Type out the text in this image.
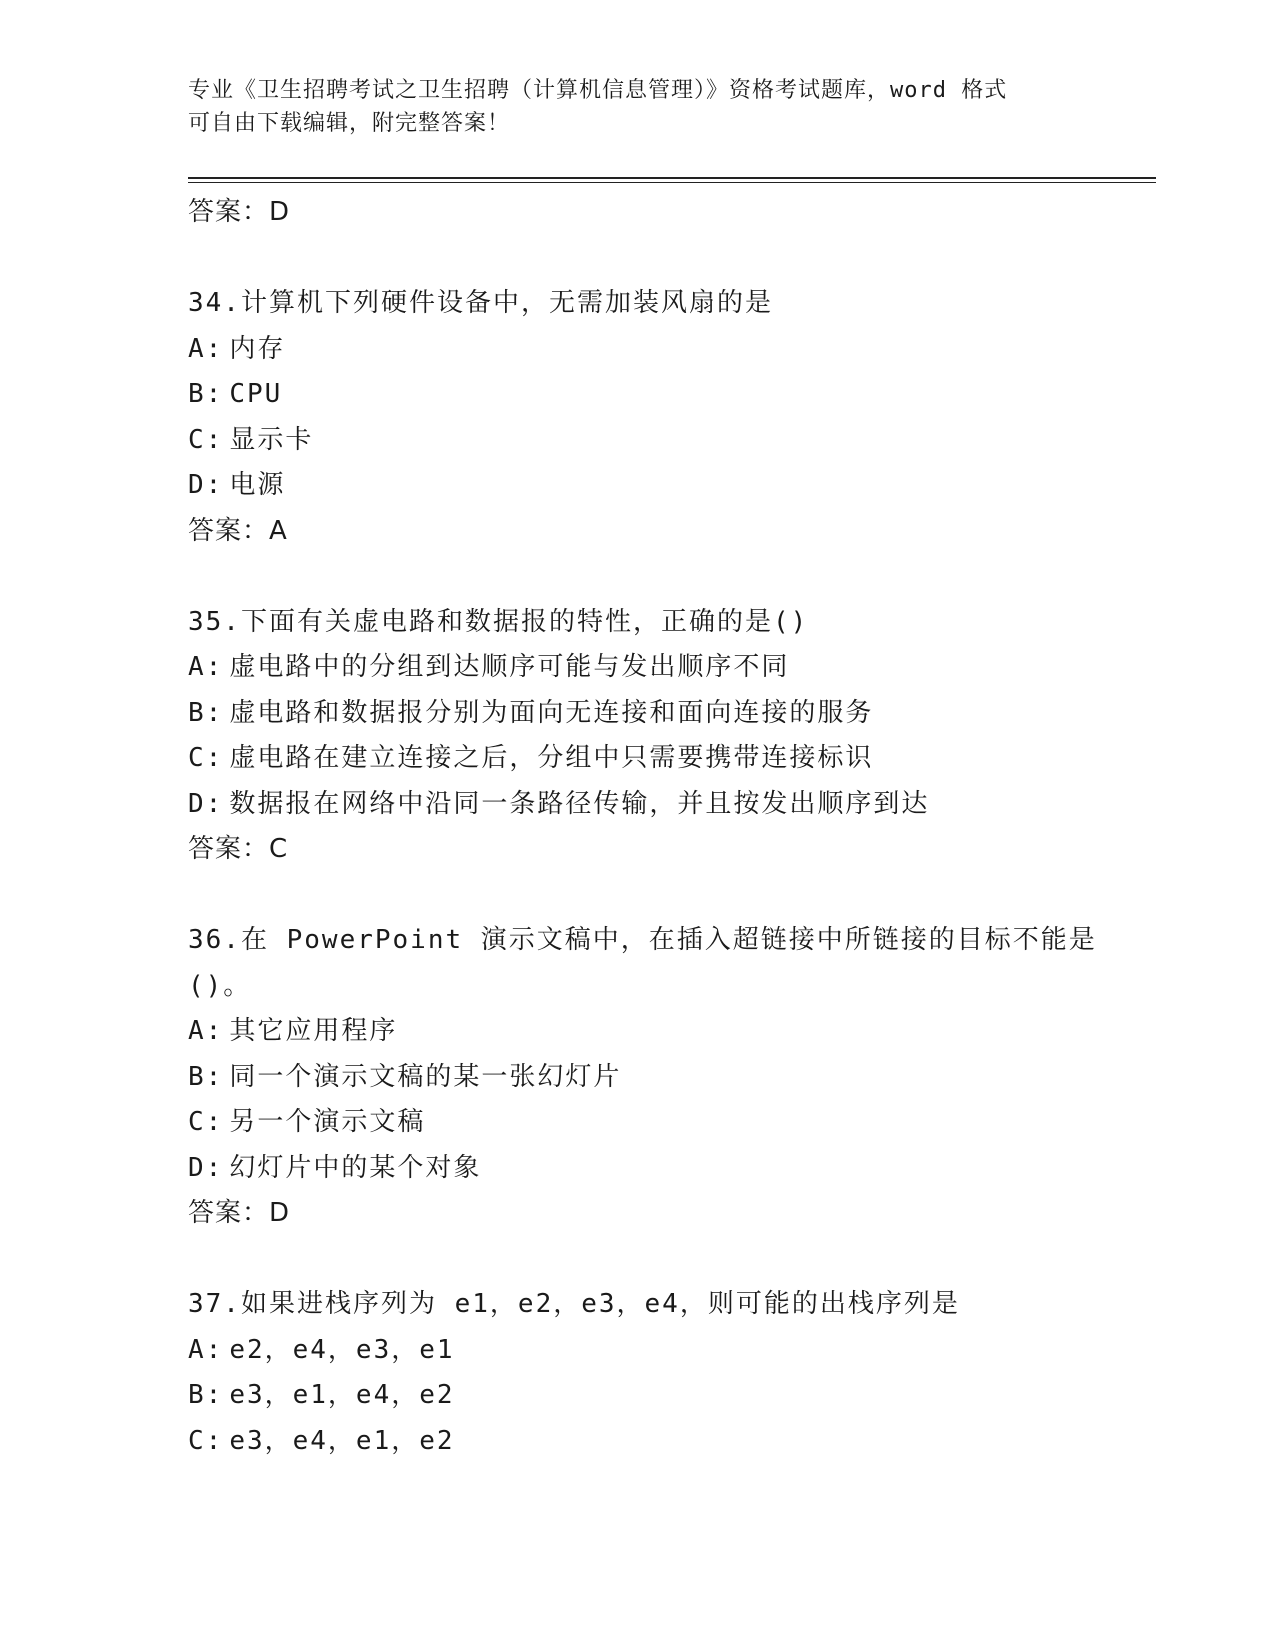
专业《卫生招聘考试之卫生招聘（计算机信息管理）》资格考试题库，word 格式
可自由下载编辑，附完整答案！
答案：D
34.计算机下列硬件设备中，无需加装风扇的是
A: 内存
B: CPU
C: 显示卡
D: 电源
答案：A
35.下面有关虚电路和数据报的特性，正确的是()
A: 虚电路中的分组到达顺序可能与发出顺序不同
B: 虚电路和数据报分别为面向无连接和面向连接的服务
C: 虚电路在建立连接之后，分组中只需要携带连接标识
D: 数据报在网络中沿同一条路径传输，并且按发出顺序到达
答案：C
36.在 PowerPoint 演示文稿中，在插入超链接中所链接的目标不能是
()。
A: 其它应用程序
B: 同一个演示文稿的某一张幻灯片
C: 另一个演示文稿
D: 幻灯片中的某个对象
答案：D
37.如果进栈序列为 e1，e2，e3，e4，则可能的出栈序列是
A: e2，e4，e3，e1
B: e3，e1，e4，e2
C: e3，e4，e1，e2
